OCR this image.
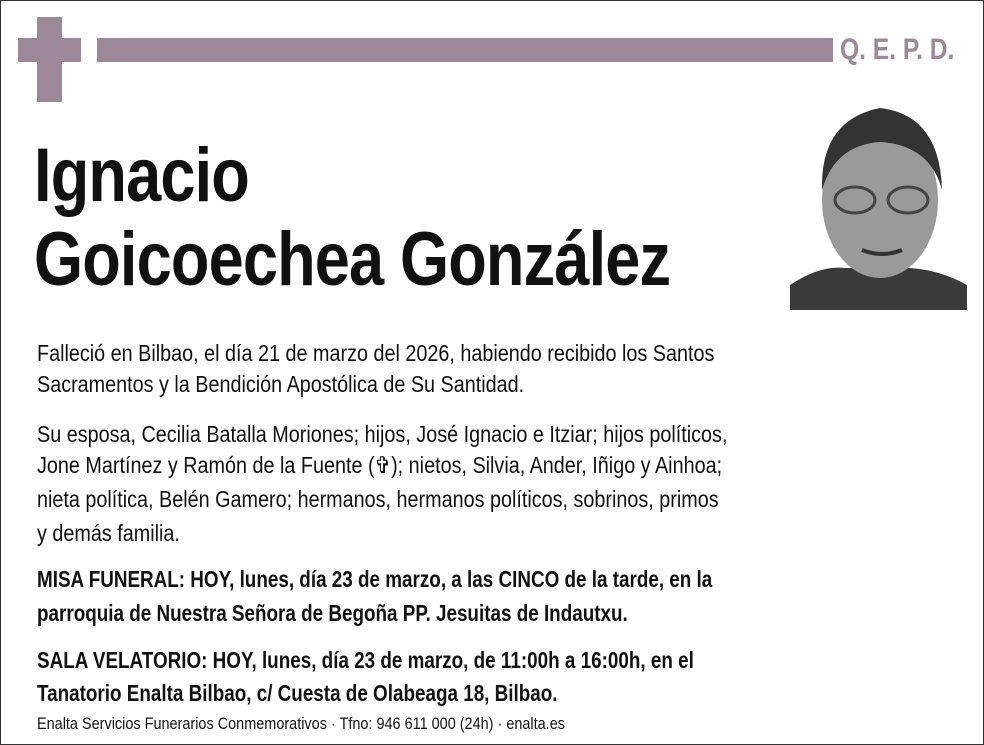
Q. E. P. D.
Ignacio
Goicoechea González
Falleció en Bilbao, el día 21 de marzo del 2026, habiendo recibido los Santos
Sacramentos y la Bendición Apostólica de Su Santidad.
Su esposa, Cecilia Batalla Moriones; hijos, José Ignacio e Itziar; hijos políticos,
Jone Martínez y Ramón de la Fuente (✞); nietos, Silvia, Ander, Iñigo y Ainhoa;
nieta política, Belén Gamero; hermanos, hermanos políticos, sobrinos, primos
y demás familia.
MISA FUNERAL: HOY, lunes, día 23 de marzo, a las CINCO de la tarde, en la
parroquia de Nuestra Señora de Begoña PP. Jesuitas de Indautxu.
SALA VELATORIO: HOY, lunes, día 23 de marzo, de 11:00h a 16:00h, en el
Tanatorio Enalta Bilbao, c/ Cuesta de Olabeaga 18, Bilbao.
Enalta Servicios Funerarios Conmemorativos · Tfno: 946 611 000 (24h) · enalta.es
